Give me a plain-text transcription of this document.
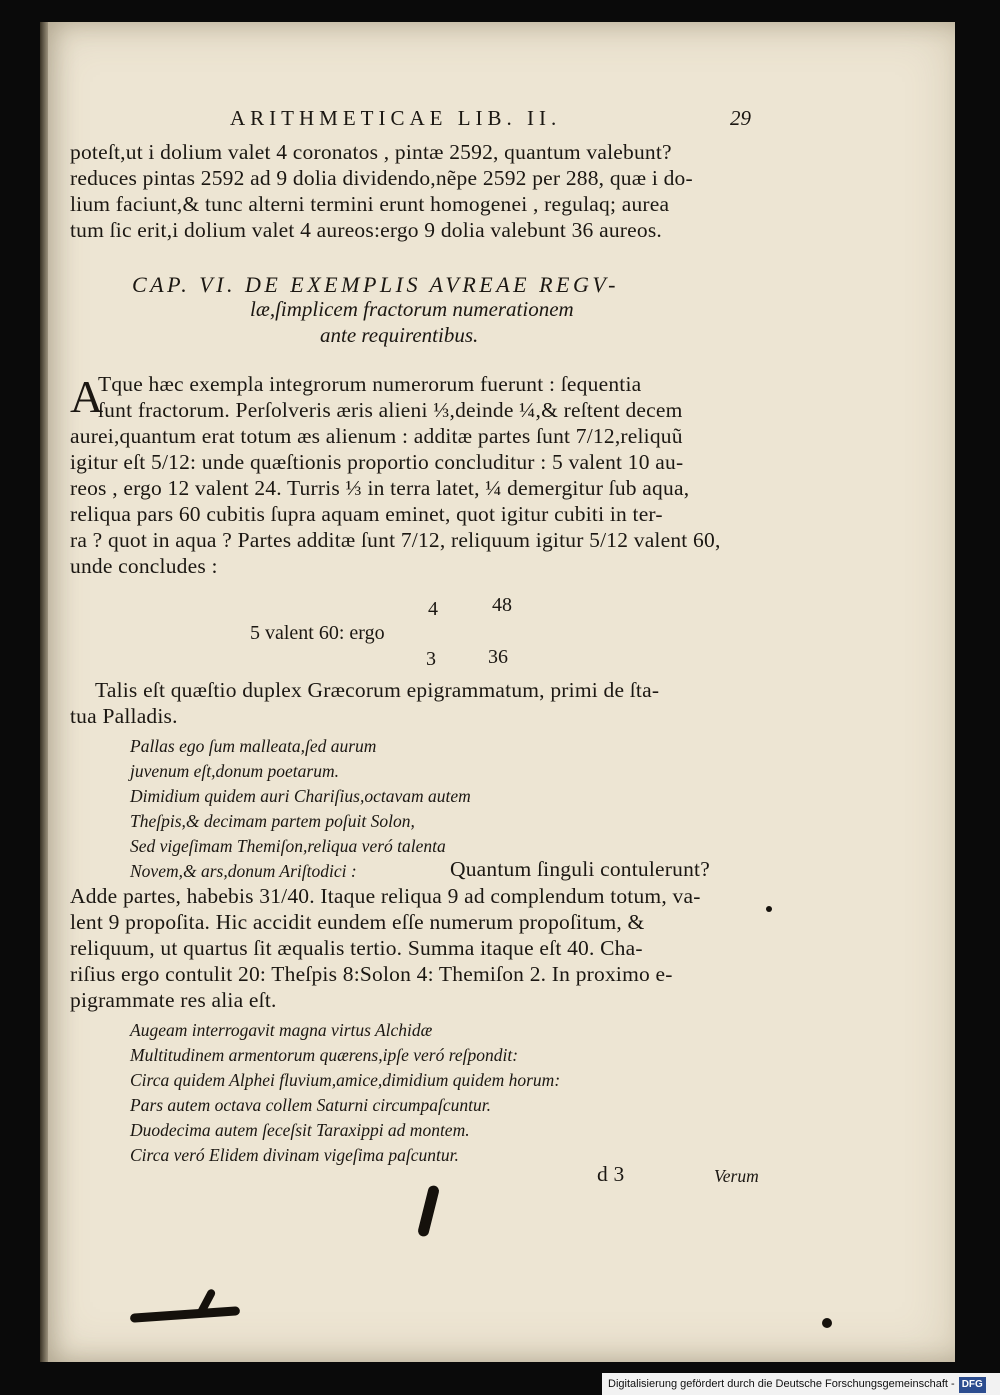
ARITHMETICAE LIB. II.	29
poteſt,ut i dolium valet 4 coronatos , pintæ 2592, quantum valebunt?
reduces pintas 2592 ad 9 dolia dividendo,nẽpe 2592 per 288, quæ i do-
lium faciunt,& tunc alterni termini erunt homogenei , regulaq; aurea
tum ſic erit,i dolium valet 4 aureos:ergo 9 dolia valebunt 36 aureos.
CAP. VI. DE EXEMPLIS AVREAE REGV-
læ,ſimplicem fractorum numerationem
ante requirentibus.
A
Tque hæc exempla integrorum numerorum fuerunt : ſequentia
ſunt fractorum. Perſolveris æris alieni ⅓,deinde ¼,& reſtent decem
aurei,quantum erat totum æs alienum : additæ partes ſunt 7/12,reliquũ
igitur eſt 5/12: unde quæſtionis proportio concluditur : 5 valent 10 au-
reos , ergo 12 valent 24. Turris ⅓ in terra latet, ¼ demergitur ſub aqua,
reliqua pars 60 cubitis ſupra aquam eminet, quot igitur cubiti in ter-
ra ? quot in aqua ? Partes additæ ſunt 7/12, reliquum igitur 5/12 valent 60,
unde concludes :
4	48
5 valent 60: ergo
3	36
Talis eſt quæſtio duplex Græcorum epigrammatum, primi de ſta-
tua Palladis.
Pallas ego ſum malleata,ſed aurum
juvenum eſt,donum poetarum.
Dimidium quidem auri Chariſius,octavam autem
Theſpis,& decimam partem poſuit Solon,
Sed vigeſimam Themiſon,reliqua veró talenta
Novem,& ars,donum Ariſtodici :	Quantum ſinguli contulerunt?
Adde partes, habebis 31/40. Itaque reliqua 9 ad complendum totum, va-
lent 9 propoſita. Hic accidit eundem eſſe numerum propoſitum, &
reliquum, ut quartus ſit æqualis tertio. Summa itaque eſt 40. Cha-
riſius ergo contulit 20: Theſpis 8:Solon 4: Themiſon 2. In proximo e-
pigrammate res alia eſt.
Augeam interrogavit magna virtus Alchidæ
Multitudinem armentorum quærens,ipſe veró reſpondit:
Circa quidem Alphei fluvium,amice,dimidium quidem horum:
Pars autem octava collem Saturni circumpaſcuntur.
Duodecima autem ſeceſsit Taraxippi ad montem.
Circa veró Elidem divinam vigeſima paſcuntur.
d 3	Verum
Digitalisierung gefördert durch die Deutsche Forschungsgemeinschaft - DFG
